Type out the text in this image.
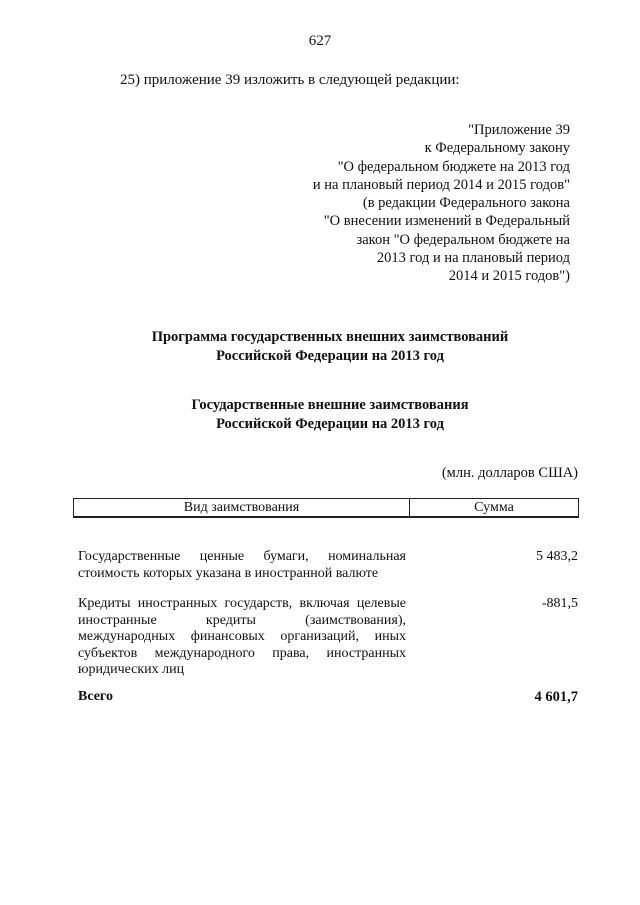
627
25) приложение 39 изложить в следующей редакции:
"Приложение 39
к Федеральному закону
"О федеральном бюджете на 2013 год
и на плановый период 2014 и 2015 годов"
(в редакции Федерального закона
"О внесении изменений в Федеральный
закон "О федеральном бюджете на
2013 год и на плановый период
2014 и 2015 годов")
Программа государственных внешних заимствований
Российской Федерации на 2013 год
Государственные внешние заимствования
Российской Федерации на 2013 год
(млн. долларов США)
Вид заимствования	Сумма
Государственные ценные бумаги, номинальная стоимость которых указана в иностранной валюте
5 483,2
Кредиты иностранных государств, включая целевые иностранные кредиты (заимствования), международных финансовых организаций, иных субъектов международного права, иностранных юридических лиц
-881,5
Всего	4 601,7
